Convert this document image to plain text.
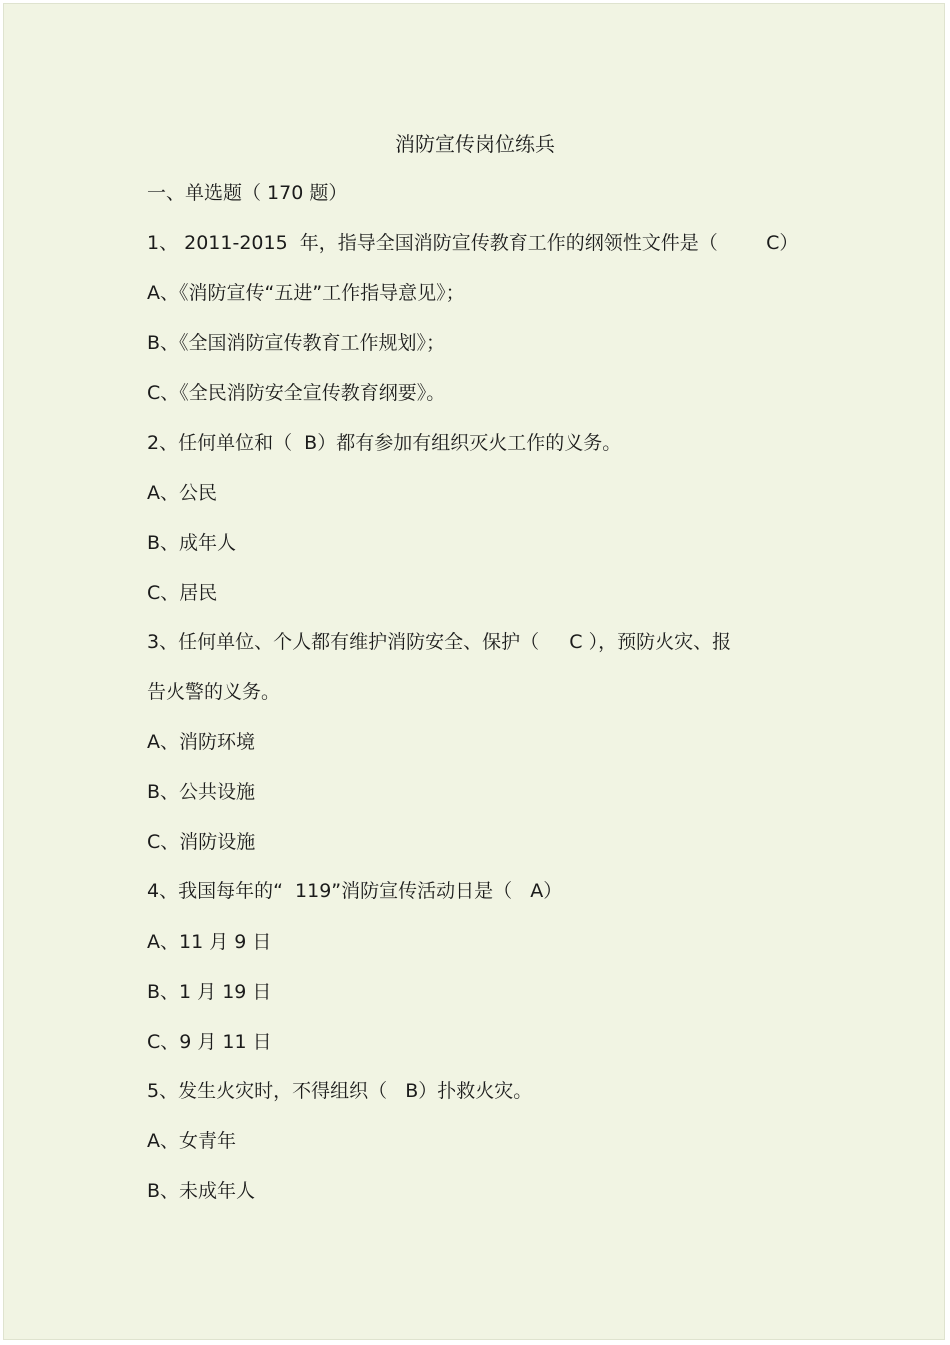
消防宣传岗位练兵
一、单选题（ 170 题）
1、 2011-2015  年，指导全国消防宣传教育工作的纲领性文件是（        C）
A、《消防宣传“五进”工作指导意见》；
B、《全国消防宣传教育工作规划》；
C、《全民消防安全宣传教育纲要》。
2、任何单位和（  B）都有参加有组织灭火工作的义务。
A、公民
B、成年人
C、居民
3、任何单位、个人都有维护消防安全、保护（     C ），预防火灾、报
告火警的义务。
A、消防环境
B、公共设施
C、消防设施
4、我国每年的“  119”消防宣传活动日是（   A）
A、11 月 9 日
B、1 月 19 日
C、9 月 11 日
5、发生火灾时，不得组织（   B）扑救火灾。
A、女青年
B、未成年人
